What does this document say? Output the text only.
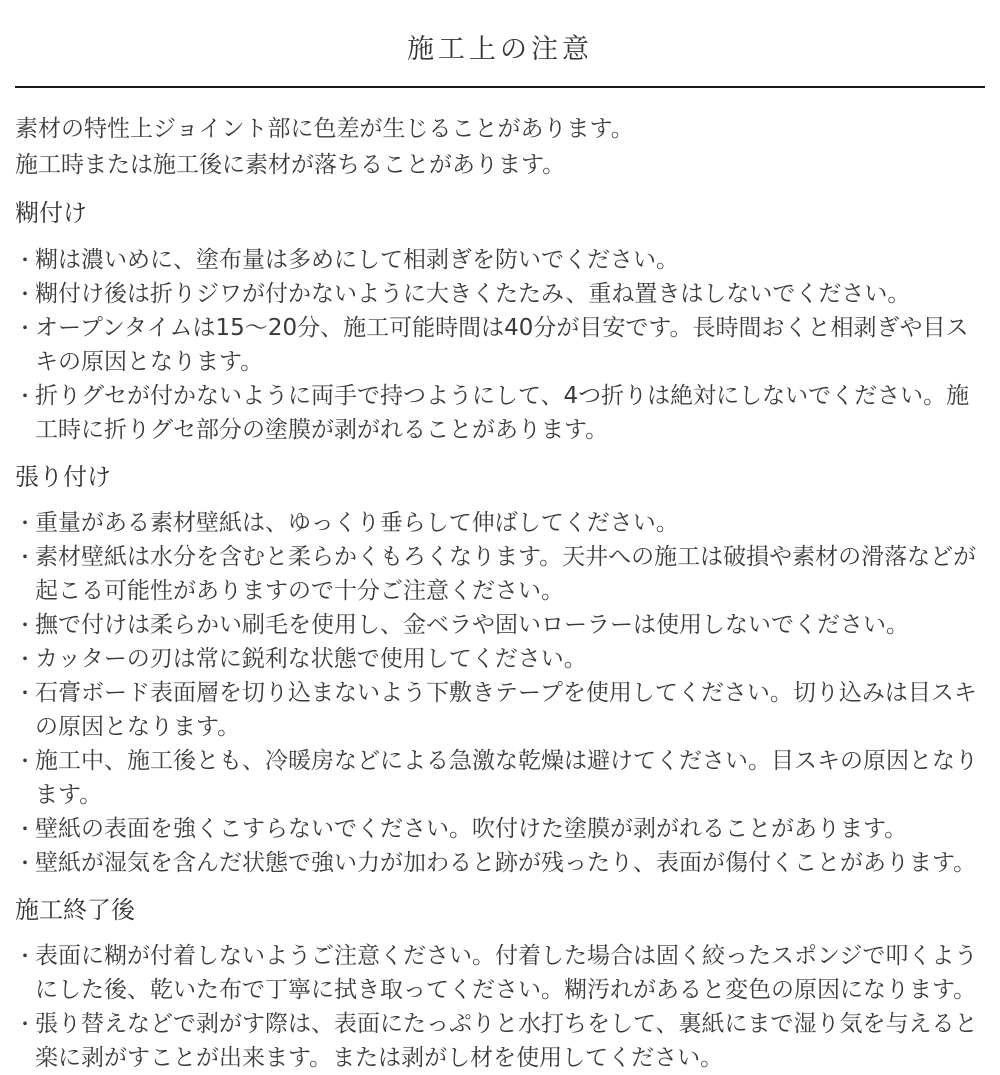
施工上の注意

素材の特性上ジョイント部に色差が生じることがあります。

施工時または施工後に素材が落ちることがあります。

糊付け
・ 糊は濃いめに、塗布量は多めにして相剥ぎを防いでください。
・ 糊付け後は折りジワが付かないように大きくたたみ、重ね置きはしないでください。
・ オープンタイムは15〜20分、施工可能時間は40分が目安です。長時間おくと相剥ぎや目スキの原因となります。
・ 折りグセが付かないように両手で持つようにして、4つ折りは絶対にしないでください。施工時に折りグセ部分の塗膜が剥がれることがあります。
張り付け
・ 重量がある素材壁紙は、ゆっくり垂らして伸ばしてください。
・ 素材壁紙は水分を含むと柔らかくもろくなります。天井への施工は破損や素材の滑落などが起こる可能性がありますので十分ご注意ください。
・ 撫で付けは柔らかい刷毛を使用し、金ベラや固いローラーは使用しないでください。
・ カッターの刃は常に鋭利な状態で使用してください。
・ 石膏ボード表面層を切り込まないよう下敷きテープを使用してください。切り込みは目スキの原因となります。
・ 施工中、施工後とも、冷暖房などによる急激な乾燥は避けてください。目スキの原因となります。
・ 壁紙の表面を強くこすらないでください。吹付けた塗膜が剥がれることがあります。
・ 壁紙が湿気を含んだ状態で強い力が加わると跡が残ったり、表面が傷付くことがあります。
施工終了後
・ 表面に糊が付着しないようご注意ください。付着した場合は固く絞ったスポンジで叩くようにした後、乾いた布で丁寧に拭き取ってください。糊汚れがあると変色の原因になります。
・ 張り替えなどで剥がす際は、表面にたっぷりと水打ちをして、裏紙にまで湿り気を与えると楽に剥がすことが出来ます。または剥がし材を使用してください。
